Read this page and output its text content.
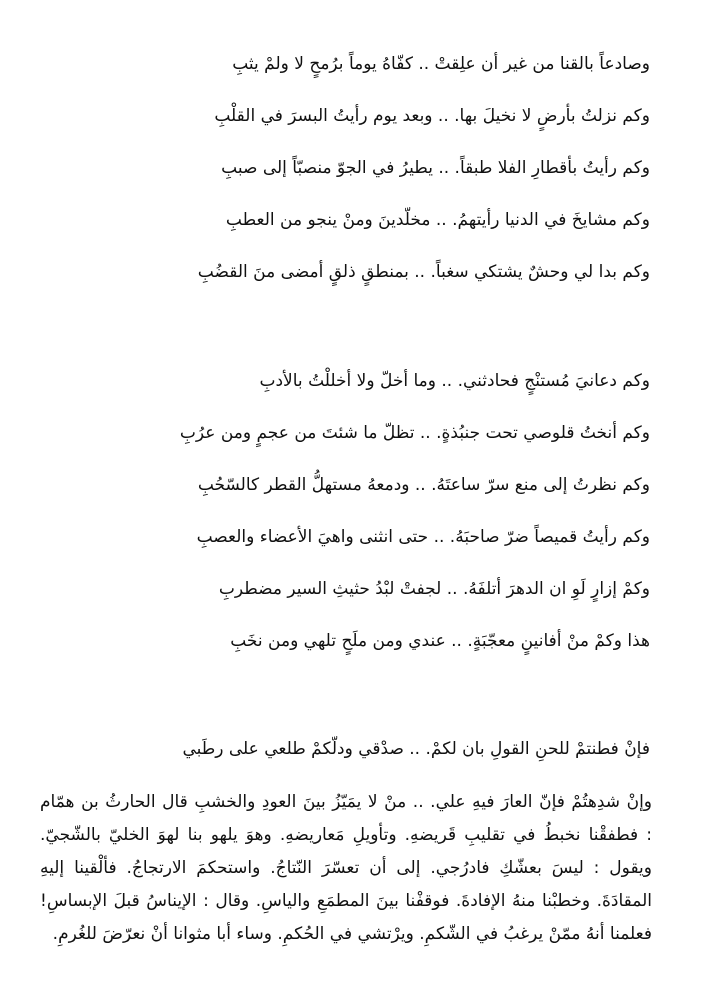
وصادعاً بالقنا من غير أن علِقتْ .. كفّاهُ يوماً برُمحٍ لا ولمْ يثبِ

وكم نزلتُ بأرضٍ لا نخيلَ بها. .. وبعد يوم رأيتُ البسرَ في القلْبِ

وكم رأيتُ بأقطارِ الفلا طبقاً. .. يطيرُ في الجوّ منصبّاً إلى صببِ

وكم مشايخَ في الدنيا رأيتهمُ. .. مخلّدينَ ومنْ ينجو من العطبِ

وكم بدا لي وحشٌ يشتكي سغباً. .. بمنطقٍ ذلقٍ أمضى منَ القضُبِ

وكم دعانيَ مُستنْجٍ فحادثني. .. وما أخلّ ولا أخللْتُ بالأدبِ

وكم أنختُ قلوصي تحت جنبُذةٍ. .. تظلّ ما شئتَ من عجمٍ ومن عرُبِ

وكم نظرتُ إلى منع سرّ ساعتَهُ. .. ودمعهُ مستهلُّ القطر كالسّحُبِ

وكم رأيتُ قميصاً ضرّ صاحبَهُ. .. حتى انثنى واهيَ الأعضاء والعصبِ

وكمْ إزارٍ لَوِ ان الدهرَ أتلفَهُ. .. لجفتْ لبْدُ حثيثِ السير مضطربِ

هذا وكمْ منْ أفانينٍ معجّبَةٍ. .. عندي ومن ملَحٍ تلهي ومن نخَبِ

فإنْ فطنتمْ للحنِ القولِ بان لكمْ. .. صدْقي ودلّكمْ طلعي على رطَبي

وإنْ شدِهتُمْ فإنّ العارَ فيهِ علي. .. منْ لا يمَيّزُ بينَ العودِ والخشبِ قال الحارثُ بن همّام
: فطفقْنا نخبطُ في تقليبِ قَريضهِ. وتأويلِ مَعاريضهِ. وهوَ يلهو بنا لهوَ الخليّ بالشّجيّ.
ويقول : ليسَ بعشّكِ فادرُجي. إلى أن تعسّرَ النّتاجُ. واستحكمَ الارتجاجُ. فألْقينا إليهِ
المقادَةَ. وخطبْنا منهُ الإفادةَ. فوقفْنا بينَ المطمَعِ والياسِ. وقال : الإيناسُ قبلَ الإبساسِ!
فعلمنا أنهُ ممّنْ يرغبُ في الشّكمِ. ويرْتشي في الحُكمِ. وساء أبا مثوانا أنْ نعرّضَ للغُرمِ.
